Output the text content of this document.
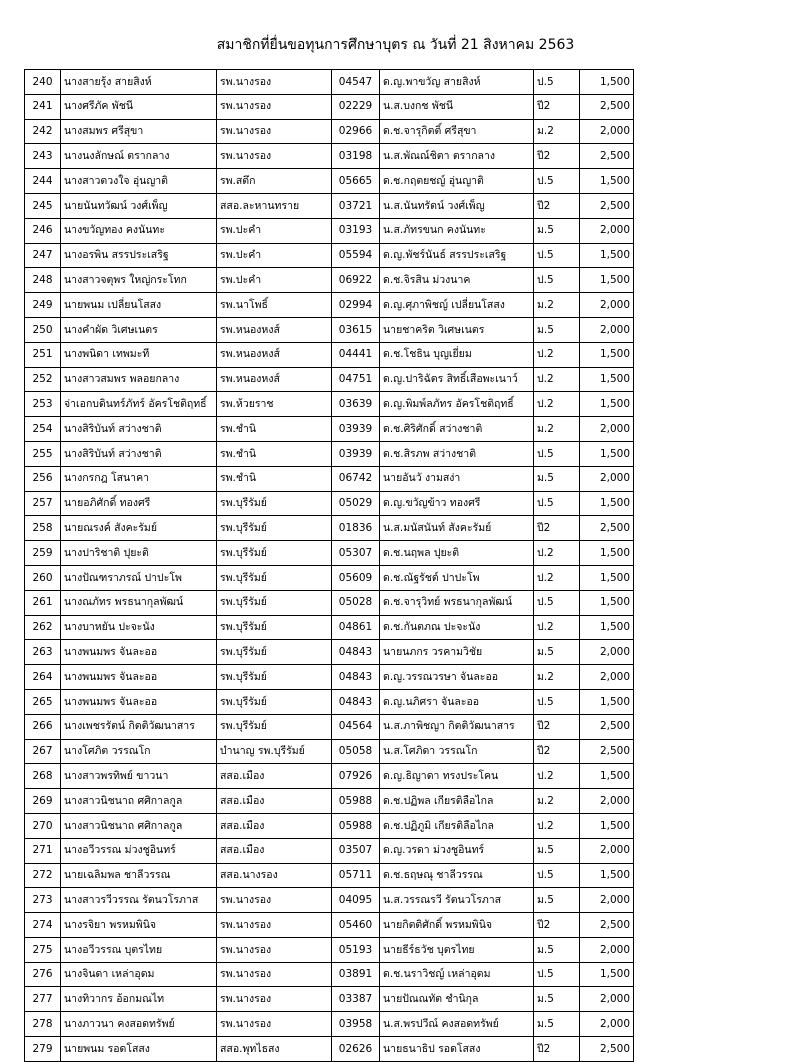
สมาชิกที่ยื่นขอทุนการศึกษาบุตร ณ วันที่ 21 สิงหาคม 2563
240	นางสายรุ้ง สายสิงห์	รพ.นางรอง	04547	ด.ญ.พาขวัญ สายสิงห์	ป.5	1,500
241	นางศรีภัค พัชนี	รพ.นางรอง	02229	น.ส.บงกช พัชนี	ปี2	2,500
242	นางสมพร ศรีสุขา	รพ.นางรอง	02966	ด.ช.จารุกิตติ์ ศรีสุขา	ม.2	2,000
243	นางนงลักษณ์ ตรากลาง	รพ.นางรอง	03198	น.ส.พัณณ์ชิตา ตรากลาง	ปี2	2,500
244	นางสาวตวงใจ อุ่นญาติ	รพ.สตึก	05665	ด.ช.กฤตยชญ์ อุ่นญาติ	ป.5	1,500
245	นายนันทวัฒน์ วงศ์เพ็ญ	สสอ.ละหานทราย	03721	น.ส.นันทรัตน์ วงศ์เพ็ญ	ปี2	2,500
246	นางขวัญทอง คงนันทะ	รพ.ปะคำ	03193	น.ส.ภัทรขนก คงนันทะ	ม.5	2,000
247	นางอรพิน สรรประเสริฐ	รพ.ปะคำ	05594	ด.ญ.พัชร์นันธ์ สรรประเสริฐ	ป.5	1,500
248	นางสาวจตุพร ใหญ่กระโทก	รพ.ปะคำ	06922	ด.ช.จิรสิน ม่วงนาค	ป.5	1,500
249	นายพนม เปลี่ยนโสสง	รพ.นาโพธิ์	02994	ด.ญ.ศุภาพิชญ์ เปลี่ยนโสสง	ม.2	2,000
250	นางคำผัด วิเศษเนตร	รพ.หนองหงส์	03615	นายชาคริต วิเศษเนตร	ม.5	2,000
251	นางพนิดา เทพมะที	รพ.หนองหงส์	04441	ด.ช.โชธิน บุญเยี่ยม	ป.2	1,500
252	นางสาวสมพร พลอยกลาง	รพ.หนองหงส์	04751	ด.ญ.ปาริฉัตร สิทธิ์เสือพะเนาว์	ป.2	1,500
253	จ่าเอกบดินทร์ภัทร์ อัครโชติฤทธิ์	รพ.ห้วยราช	03639	ด.ญ.พิมพ์ลภัทร อัครโชติฤทธิ์	ป.2	1,500
254	นางสิริบันท์ สว่างชาติ	รพ.ชำนิ	03939	ด.ช.ศิริศักดิ์ สว่างชาติ	ม.2	2,000
255	นางสิริบันท์ สว่างชาติ	รพ.ชำนิ	03939	ด.ช.สิรภพ สว่างชาติ	ป.5	1,500
256	นางกรกฎ โสนาคา	รพ.ชำนิ	06742	นายอันวั งามสง่า	ม.5	2,000
257	นายอภิศักดิ์ ทองศรี	รพ.บุรีรัมย์	05029	ด.ญ.ขวัญข้าว ทองศรี	ป.5	1,500
258	นายณรงค์ สังคะรัมย์	รพ.บุรีรัมย์	01836	น.ส.มนัสนันท์ สังคะรัมย์	ปี2	2,500
259	นางปาริชาติ ปุยะติ	รพ.บุรีรัมย์	05307	ด.ช.นฤพล ปุยะติ	ป.2	1,500
260	นางปัณฑราภรณ์ ปาปะโพ	รพ.บุรีรัมย์	05609	ด.ช.ณัฐรัชต์ ปาปะโพ	ป.2	1,500
261	นางณภัทร พรธนากุลพัฒน์	รพ.บุรีรัมย์	05028	ด.ช.จารุวิทย์ พรธนากุลพัฒน์	ป.5	1,500
262	นางบาหยัน ปะจะนัง	รพ.บุรีรัมย์	04861	ด.ช.กันตภณ ปะจะนัง	ป.2	1,500
263	นางพนมพร จันละออ	รพ.บุรีรัมย์	04843	นายนภกร วรคามวิชัย	ม.5	2,000
264	นางพนมพร จันละออ	รพ.บุรีรัมย์	04843	ด.ญ.วรรณวรษา จันละออ	ม.2	2,000
265	นางพนมพร จันละออ	รพ.บุรีรัมย์	04843	ด.ญ.นภิศรา จันละออ	ป.5	1,500
266	นางเพชรรัตน์ กิตติวัฒนาสาร	รพ.บุรีรัมย์	04564	น.ส.ภาพิชญา กิตติวัฒนาสาร	ปี2	2,500
267	นางโศภิต วรรณโก	บำนาญ รพ.บุรีรัมย์	05058	น.ส.โศภิดา วรรณโก	ปี2	2,500
268	นางสาวพรทิพย์ ขาวนา	สสอ.เมือง	07926	ด.ญ.ธิญาดา ทรงประโคน	ป.2	1,500
269	นางสาวนิชนาถ ศศิกาลกูล	สสอ.เมือง	05988	ด.ช.ปฏิพล เกียรติลือไกล	ม.2	2,000
270	นางสาวนิชนาถ ศศิกาลกูล	สสอ.เมือง	05988	ด.ช.ปฏิภูมิ เกียรติลือไกล	ป.2	1,500
271	นางอวีวรรณ ม่วงชูอินทร์	สสอ.เมือง	03507	ด.ญ.วรดา ม่วงชูอินทร์	ม.5	2,000
272	นายเฉลิมพล ชาลีวรรณ	สสอ.นางรอง	05711	ด.ช.ธฤษณุ ชาลีวรรณ	ป.5	1,500
273	นางสาวรวีวรรณ รัตนวโรภาส	รพ.นางรอง	04095	น.ส.วรรณรวี รัตนวโรภาส	ม.5	2,000
274	นางรจิยา พรหมพินิจ	รพ.นางรอง	05460	นายกิตติศักดิ์ พรหมพินิจ	ปี2	2,500
275	นางอวีวรรณ บุตรไทย	รพ.นางรอง	05193	นายธีร์ธวัช บุตรไทย	ม.5	2,000
276	นางจินดา เหล่าอุดม	รพ.นางรอง	03891	ด.ช.นราวิชญ์ เหล่าอุดม	ป.5	1,500
277	นางทิวากร อ้อกมณไท	รพ.นางรอง	03387	นายปัณณทัต ชำนิกุล	ม.5	2,000
278	นางภาวนา คงสอดทรัพย์	รพ.นางรอง	03958	น.ส.พรปวีณ์ คงสอดทรัพย์	ม.5	2,000
279	นายพนม รอดโสสง	สสอ.พุทไธสง	02626	นายธนาธิป รอดโสสง	ปี2	2,500
